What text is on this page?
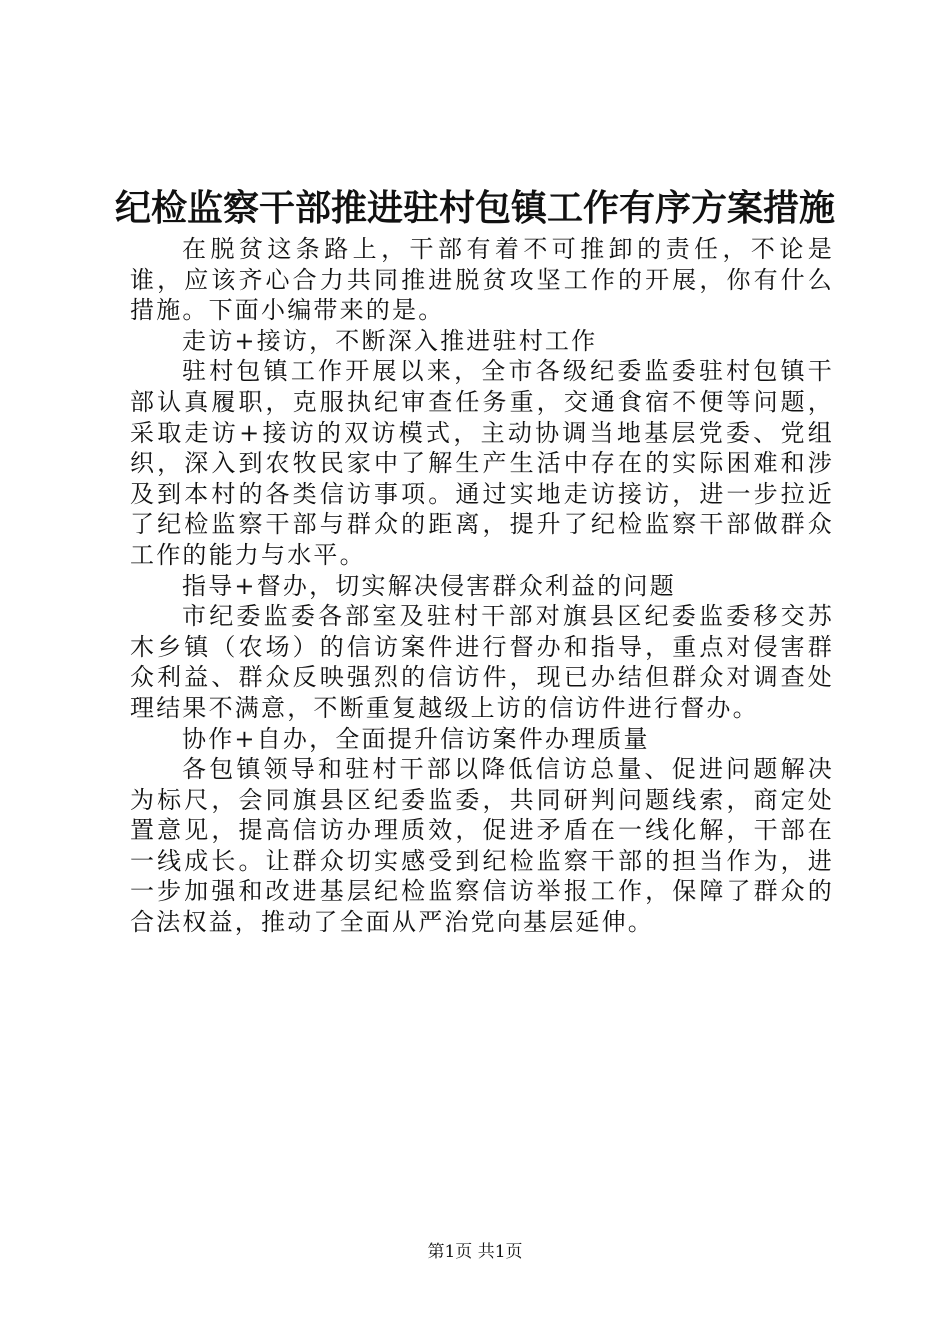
纪检监察干部推进驻村包镇工作有序方案措施

在脱贫这条路上，干部有着不可推卸的责任，不论是谁，应该齐心合力共同推进脱贫攻坚工作的开展，你有什么措施。下面小编带来的是。

走访+接访，不断深入推进驻村工作

驻村包镇工作开展以来，全市各级纪委监委驻村包镇干部认真履职，克服执纪审查任务重，交通食宿不便等问题，采取走访+接访的双访模式，主动协调当地基层党委、党组织，深入到农牧民家中了解生产生活中存在的实际困难和涉及到本村的各类信访事项。通过实地走访接访，进一步拉近了纪检监察干部与群众的距离，提升了纪检监察干部做群众工作的能力与水平。

指导+督办，切实解决侵害群众利益的问题

市纪委监委各部室及驻村干部对旗县区纪委监委移交苏木乡镇（农场）的信访案件进行督办和指导，重点对侵害群众利益、群众反映强烈的信访件，现已办结但群众对调查处理结果不满意，不断重复越级上访的信访件进行督办。

协作+自办，全面提升信访案件办理质量

各包镇领导和驻村干部以降低信访总量、促进问题解决为标尺，会同旗县区纪委监委，共同研判问题线索，商定处置意见，提高信访办理质效，促进矛盾在一线化解，干部在一线成长。让群众切实感受到纪检监察干部的担当作为，进一步加强和改进基层纪检监察信访举报工作，保障了群众的合法权益，推动了全面从严治党向基层延伸。

第1页 共1页
